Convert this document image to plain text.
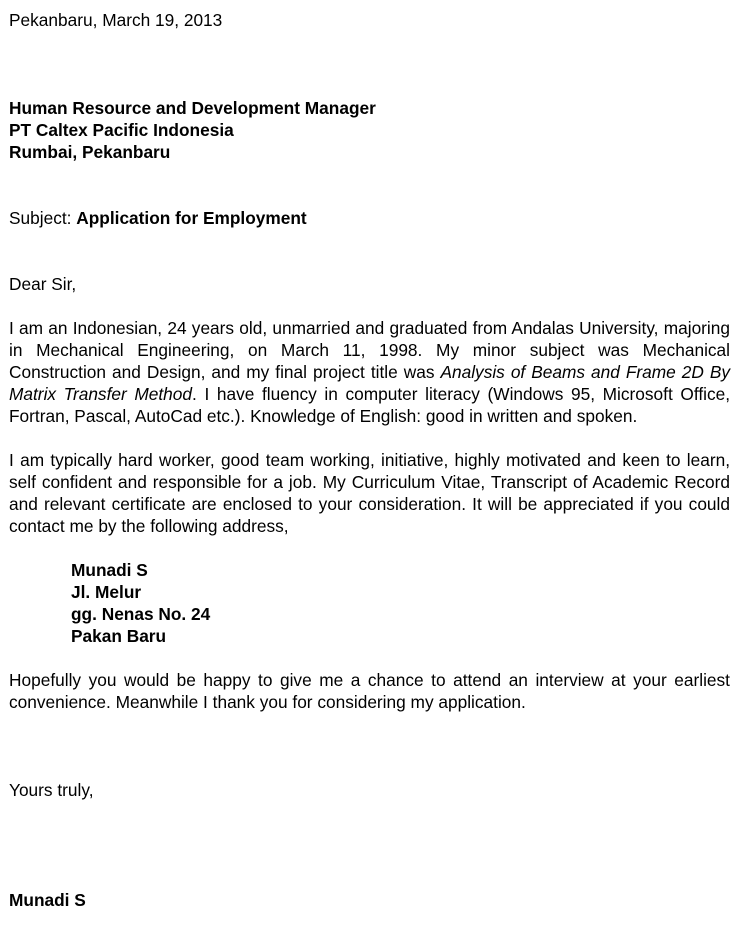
Pekanbaru, March 19, 2013
Human Resource and Development Manager
PT Caltex Pacific Indonesia
Rumbai, Pekanbaru
Subject: Application for Employment
Dear Sir,

I am an Indonesian, 24 years old, unmarried and graduated from Andalas University, majoring in Mechanical Engineering, on March 11, 1998. My minor subject was Mechanical Construction and Design, and my final project title was Analysis of Beams and Frame 2D By Matrix Transfer Method. I have fluency in computer literacy (Windows 95, Microsoft Office, Fortran, Pascal, AutoCad etc.). Knowledge of English: good in written and spoken.

I am typically hard worker, good team working, initiative, highly motivated and keen to learn, self confident and responsible for a job. My Curriculum Vitae, Transcript of Academic Record and relevant certificate are enclosed to your consideration. It will be appreciated if you could contact me by the following address,

Munadi S
Jl. Melur
gg. Nenas No. 24
Pakan Baru

Hopefully you would be happy to give me a chance to attend an interview at your earliest convenience. Meanwhile I thank you for considering my application.

Yours truly,
Munadi S
